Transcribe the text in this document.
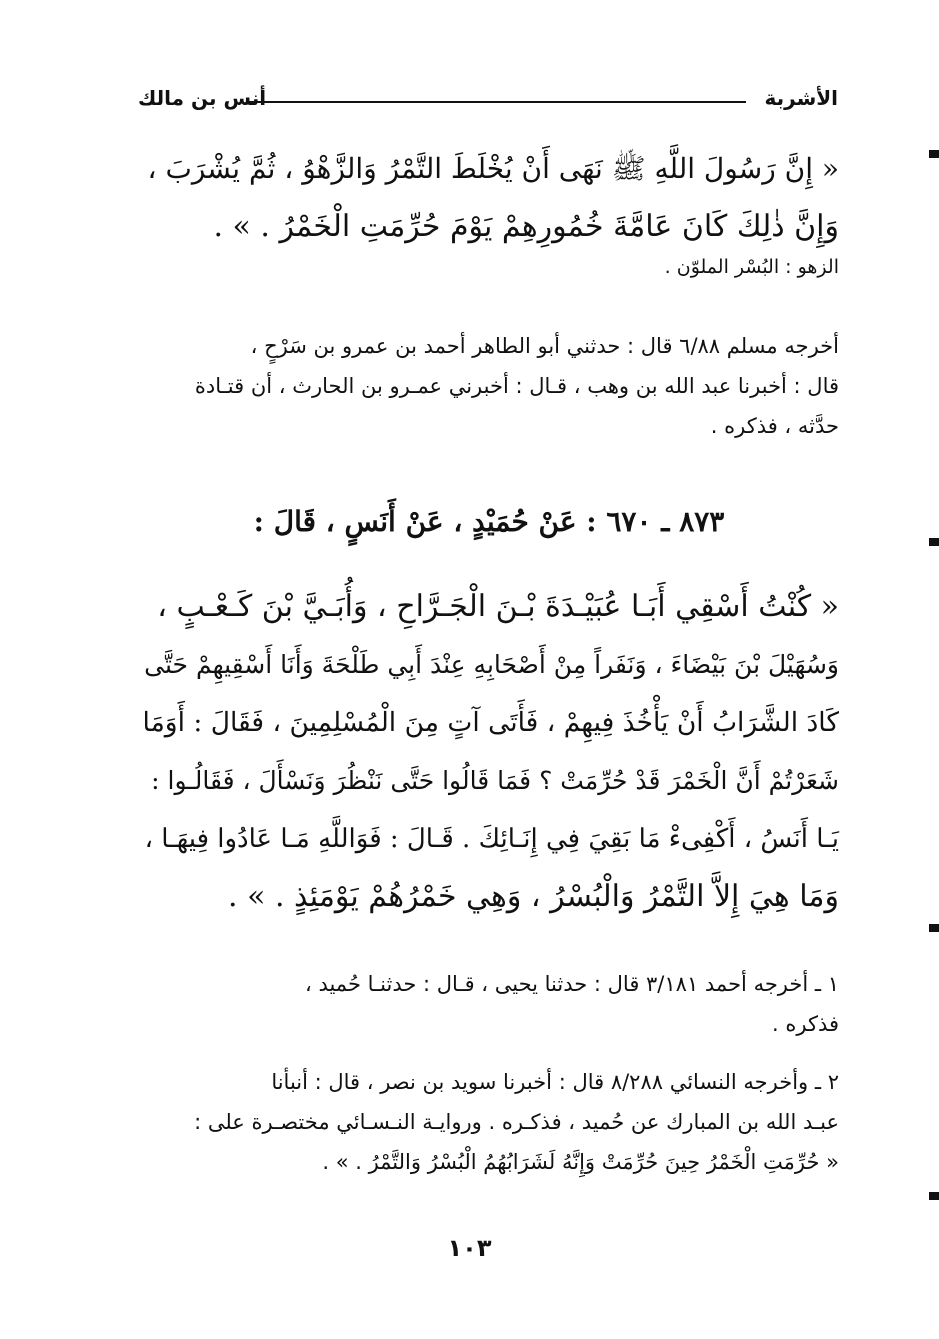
الأشربة
أنس بن مالك
« إِنَّ رَسُولَ اللَّهِ ﷺ نَهَى أَنْ يُخْلَطَ التَّمْرُ وَالزَّهْوُ ، ثُمَّ يُشْرَبَ ،
وَإِنَّ ذٰلِكَ كَانَ عَامَّةَ خُمُورِهِمْ يَوْمَ حُرِّمَتِ الْخَمْرُ . » .
الزهو : البُسْر الملوّن .
أخرجه مسلم ٦/٨٨ قال : حدثني أبو الطاهر أحمد بن عمرو بن سَرْحٍ ،
قال : أخبرنا عبد الله بن وهب ، قـال : أخبرني عمـرو بن الحارث ، أن قتـادة
حدَّثه ، فذكره .
٨٧٣ ـ ٦٧٠ : عَنْ حُمَيْدٍ ، عَنْ أَنَسٍ ، قَالَ :
« كُنْتُ أَسْقِي أَبَـا عُبَيْـدَةَ بْـنَ الْجَـرَّاحِ ، وَأُبَـيَّ بْنَ كَـعْـبٍ ،
وَسُهَيْلَ بْنَ بَيْضَاءَ ، وَنَفَراً مِنْ أَصْحَابِهِ عِنْدَ أَبِي طَلْحَةَ وَأَنَا أَسْقِيهِمْ حَتَّى
كَادَ الشَّرَابُ أَنْ يَأْخُذَ فِيهِمْ ، فَأَتَى آتٍ مِنَ الْمُسْلِمِينَ ، فَقَالَ : أَوَمَا
شَعَرْتُمْ أَنَّ الْخَمْرَ قَدْ حُرِّمَتْ ؟ فَمَا قَالُوا حَتَّى نَنْظُرَ وَنَسْأَلَ ، فَقَالُـوا :
يَـا أَنَسُ ، أَكْفِىءْ مَا بَقِيَ فِي إِنَـائِكَ . قَـالَ : فَوَاللَّهِ مَـا عَادُوا فِيهَـا ،
وَمَا هِيَ إِلاَّ التَّمْرُ وَالْبُسْرُ ، وَهِي خَمْرُهُمْ يَوْمَئِذٍ . » .
١ ـ أخرجه أحمد ٣/١٨١ قال : حدثنا يحيى ، قـال : حدثنـا حُميد ،
فذكره .
٢ ـ وأخرجه النسائي ٨/٢٨٨ قال : أخبرنا سويد بن نصر ، قال : أنبأنا
عبـد الله بن المبارك عن حُميد ، فذكـره . وروايـة النـسـائي مختصـرة على :
« حُرِّمَتِ الْخَمْرُ حِينَ حُرِّمَتْ وَإِنَّهُ لَشَرَابُهُمُ الْبُسْرُ وَالتَّمْرُ . » .
١٠٣
